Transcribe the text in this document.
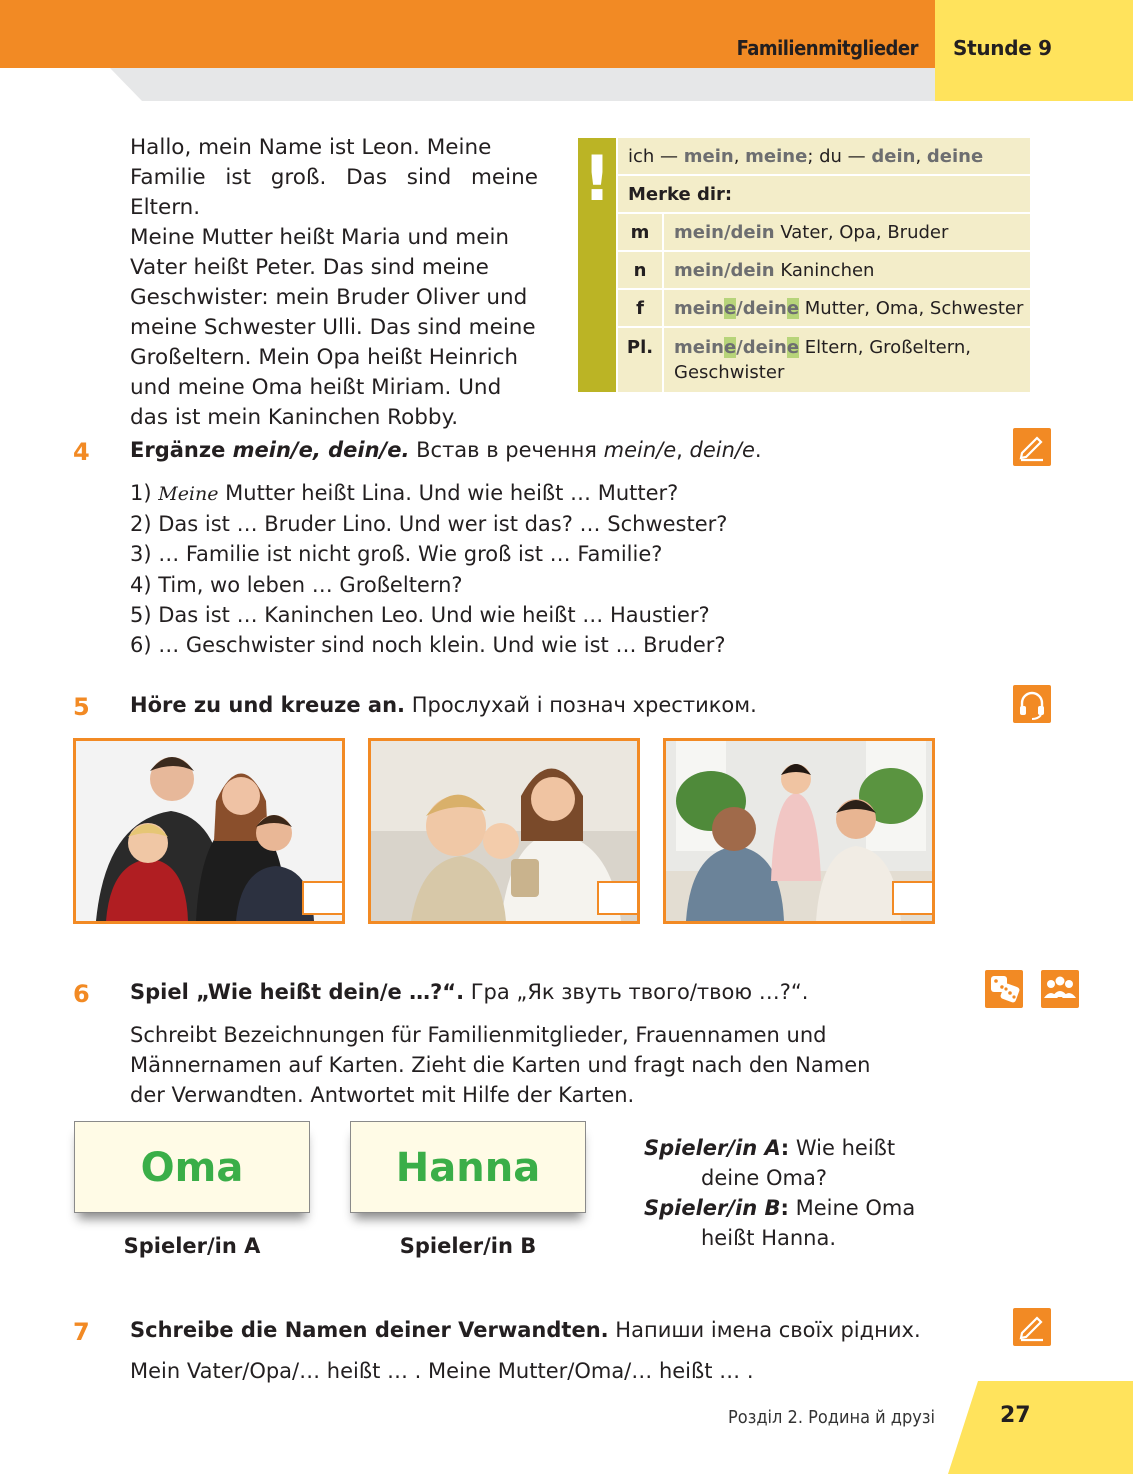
Familienmitglieder Stunde 9
Hallo, mein Name ist Leon. Meine
Familie ist groß. Das sind meine Eltern.
Meine Mutter heißt Maria und mein
Vater heißt Peter. Das sind meine
Geschwister: mein Bruder Oliver und
meine Schwester Ulli. Das sind meine
Großeltern. Mein Opa heißt Heinrich
und meine Oma heißt Miriam. Und
das ist mein Kaninchen Robby.
! ich — mein, meine; du — dein, deine
Merke dir:
m	mein/dein Vater, Opa, Bruder
n	mein/dein Kaninchen
f	meine/deine Mutter, Oma, Schwester
Pl.	meine/deine Eltern, Großeltern,
Geschwister
4 Ergänze mein/e, dein/e. Встав в речення mein/e, dein/e.
1) Meine Mutter heißt Lina. Und wie heißt … Mutter?
2) Das ist … Bruder Lino. Und wer ist das? … Schwester?
3) … Familie ist nicht groß. Wie groß ist … Familie?
4) Tim, wo leben … Großeltern?
5) Das ist … Kaninchen Leo. Und wie heißt … Haustier?
6) … Geschwister sind noch klein. Und wie ist … Bruder?
5 Höre zu und kreuze an. Прослухай і познач хрестиком.
6 Spiel „Wie heißt dein/e …?“. Гра „Як звуть твого/твою …?“.
Schreibt Bezeichnungen für Familienmitglieder, Frauennamen und
Männernamen auf Karten. Zieht die Karten und fragt nach den Namen
der Verwandten. Antwortet mit Hilfe der Karten.
Oma
Spieler/in A
Hanna
Spieler/in B
Spieler/in A: Wie heißt
deine Oma?
Spieler/in B: Meine Oma
heißt Hanna.
7 Schreibe die Namen deiner Verwandten. Напиши імена своїх рідних.
Mein Vater/Opa/… heißt … . Meine Mutter/Oma/… heißt … .
Розділ 2. Родина й друзі	27
